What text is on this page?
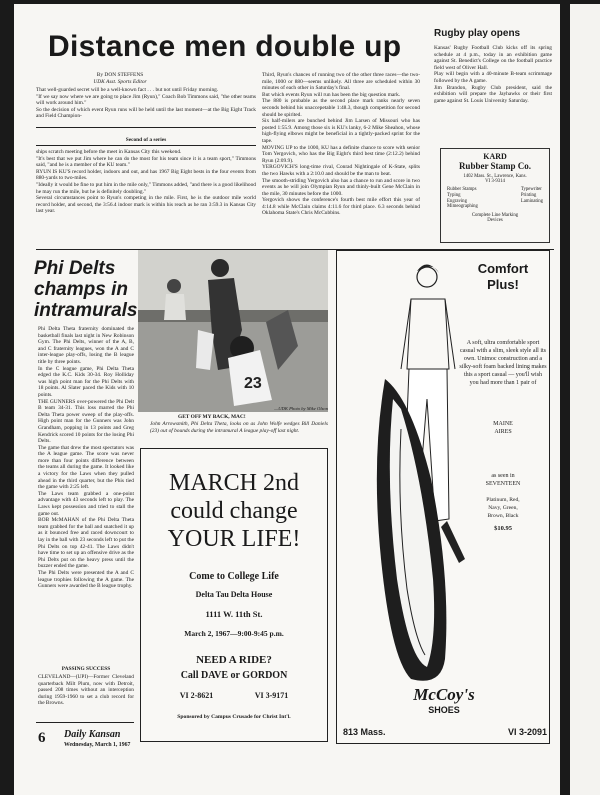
Distance men double up
By DON STEFFENS
UDK Asst. Sports Editor
That well-guarded secret will be a well-known fact . . . but not until Friday morning.
"If we say now where we are going to place Jim (Ryun)," Coach Bob Timmons said, "the other teams will work around him."
So the decision of which event Ryun runs will be held until the last moment—at the Big Eight Track and Field Champion-
Second of a series
ships scratch meeting before the meet in Kansas City this weekend.
"It's best that we put Jim where he can do the most for his team since it is a team sport," Timmons said, "and he is a member of the KU team."
RYUN IS KU'S record holder, indoors and out, and has 1967 Big Eight bests in the four events from 880-yards to two-miles.
"Ideally it would be fine to put him in the mile only," Timmons added, "and there is a good likelihood he may run the mile, but he is definitely doubling."
Several circumstances point to Ryun's competing in the mile. First, he is the outdoor mile world record holder, and second, the 3:56.4 indoor mark is within his reach as he ran 3:59.3 in Kansas City last year.
Third, Ryun's chances of running two of the other three races—the two-mile, 1000 or 880—seems unlikely. All three are scheduled within 30 minutes of each other in Saturday's final.
But which events Ryun will run has been the big question mark.
The 880 is probable as the second place mark ranks nearly seven seconds behind his unaccepetable 1:48.3, though competition for second should be spirited.
Six half-milers are bunched behind Jim Larsen of Missouri who has posted 1:55.9. Among those six is KU's lanky, 6-2 Mike Sheahon, whose high-flying elbows might be beneficial in a tightly-packed sprint for the tape.
MOVING UP to the 1000, KU has a definite chance to score with senior Tom Yergovich, who has the Big Eight's third best time (2:12.2) behind Ryun (2:09.9).
YERGOVICH'S long-time rival, Conrad Nightingale of K-State, splits the two Hawks with a 2:10.0 and should be the man to beat.
The smooth-striding Yergovich also has a chance to run and score in two events as he will join Olympian Ryun and thinly-built Gene McClain in the mile, 30 minutes before the 1000.
Yergovich shows the conference's fourth best mile effort this year of 4:14.8 while McClain claims 4:11.6 for third place. 6.3 seconds behind Oklahoma State's Chris McCubbins.
Rugby play opens
Kansas' Rugby Football Club kicks off its spring schedule at 4 p.m., today in an exhibition game against St. Benedict's College on the football practice field west of Oliver Hall.
Play will begin with a 40-minute B-team scrimmage followed by the A game.
Jim Brandon, Rugby Club president, said the exhibition will prepare the Jayhawks or their first game against St. Louis University Saturday.
KARD
Rubber Stamp Co.
1402 Mass. St., Lawrence, Kans.
VI 3-9314
Rubber Stamps
Typing
Engraving
Mimeographing
Typewriter
Printing
Laminating
Complete Line Marking
Devices
Phi Delts champs in intramurals
Phi Delta Theta fraternity dominated the basketball finals last night in New Robinson Gym. The Phi Delts, winner of the A, B, and C fraternity leagues, won the A and C inter-league play-offs, losing the B league title by three points.
In the C league game, Phi Delta Theta edged the K.C. Kids 30-34. Roy Holliday was high point man for the Phi Delts with 18 points. Al Slater paced the Kids with 10 points.
THE GUNNERS over-powered the Phi Delt B team 34-31. This loss marred the Phi Delta Theta power sweep of the play-offs. High point man for the Gunners was John Grandham, popping in 13 points and Greg Kendrick scored 10 points for the losing Phi Delts.
The game that drew the most spectators was the A league game. The score was never more than four points difference between the teams all during the game. It looked like a victory for the Laws when they pulled ahead in the third quarter, but the Phis tied the game with 2:25 left.
The Laws team grabbed a one-point advantage with 43 seconds left to play. The Laws kept possession and tried to stall the game out.
BOB McMAHAN of the Phi Delta Theta team grabbed for the ball and snatched it up as it bounced free and raced downcourt to lay in the ball with 23 seconds left to put the Phi Delts on top 42-41. The Laws didn't have time to set up an offensive drive as the Phi Delts put on the heavy press until the buzzer ended the game.
The Phi Delts were presented the A and C league trophies following the A game. The Gunners were awarded the B league trophy.
PASSING SUCCESS
CLEVELAND—(UPI)—Former Cleveland quarterback Milt Plum, now with Detroit, passed 208 times without an interception during 1959-1960 to set a club record for the Browns.
23
—UDK Photo by Mike Olson
GET OFF MY BACK, MAC!
John Arrowsmith, Phi Delta Theta, looks on as John Wolfe wedges Bill Daniels (23) out of bounds during the intramural A league play-off last night.
MARCH 2nd
could change
YOUR LIFE!
Come to College Life
Delta Tau Delta House
1111 W. 11th St.
March 2, 1967—9:00-9:45 p.m.
NEED A RIDE?
Call DAVE or GORDON
VI 2-8621	VI 3-9171
Sponsored by Campus Crusade for Christ Int'l.
Comfort
Plus!
A soft, ultra comfortable sport casual with a slim, sleek style all its own. Unimoc construction and a silky-soft foam backed lining makes this a sport casual — you'll wish you had more than 1 pair of
MAINE
AIRES
as seen in
SEVENTEEN
Platinum, Red,
Navy, Green,
Brown, Black
$10.95
McCoy's
SHOES
813 Mass.	VI 3-2091
6	Daily Kansan
Wednesday, March 1, 1967
